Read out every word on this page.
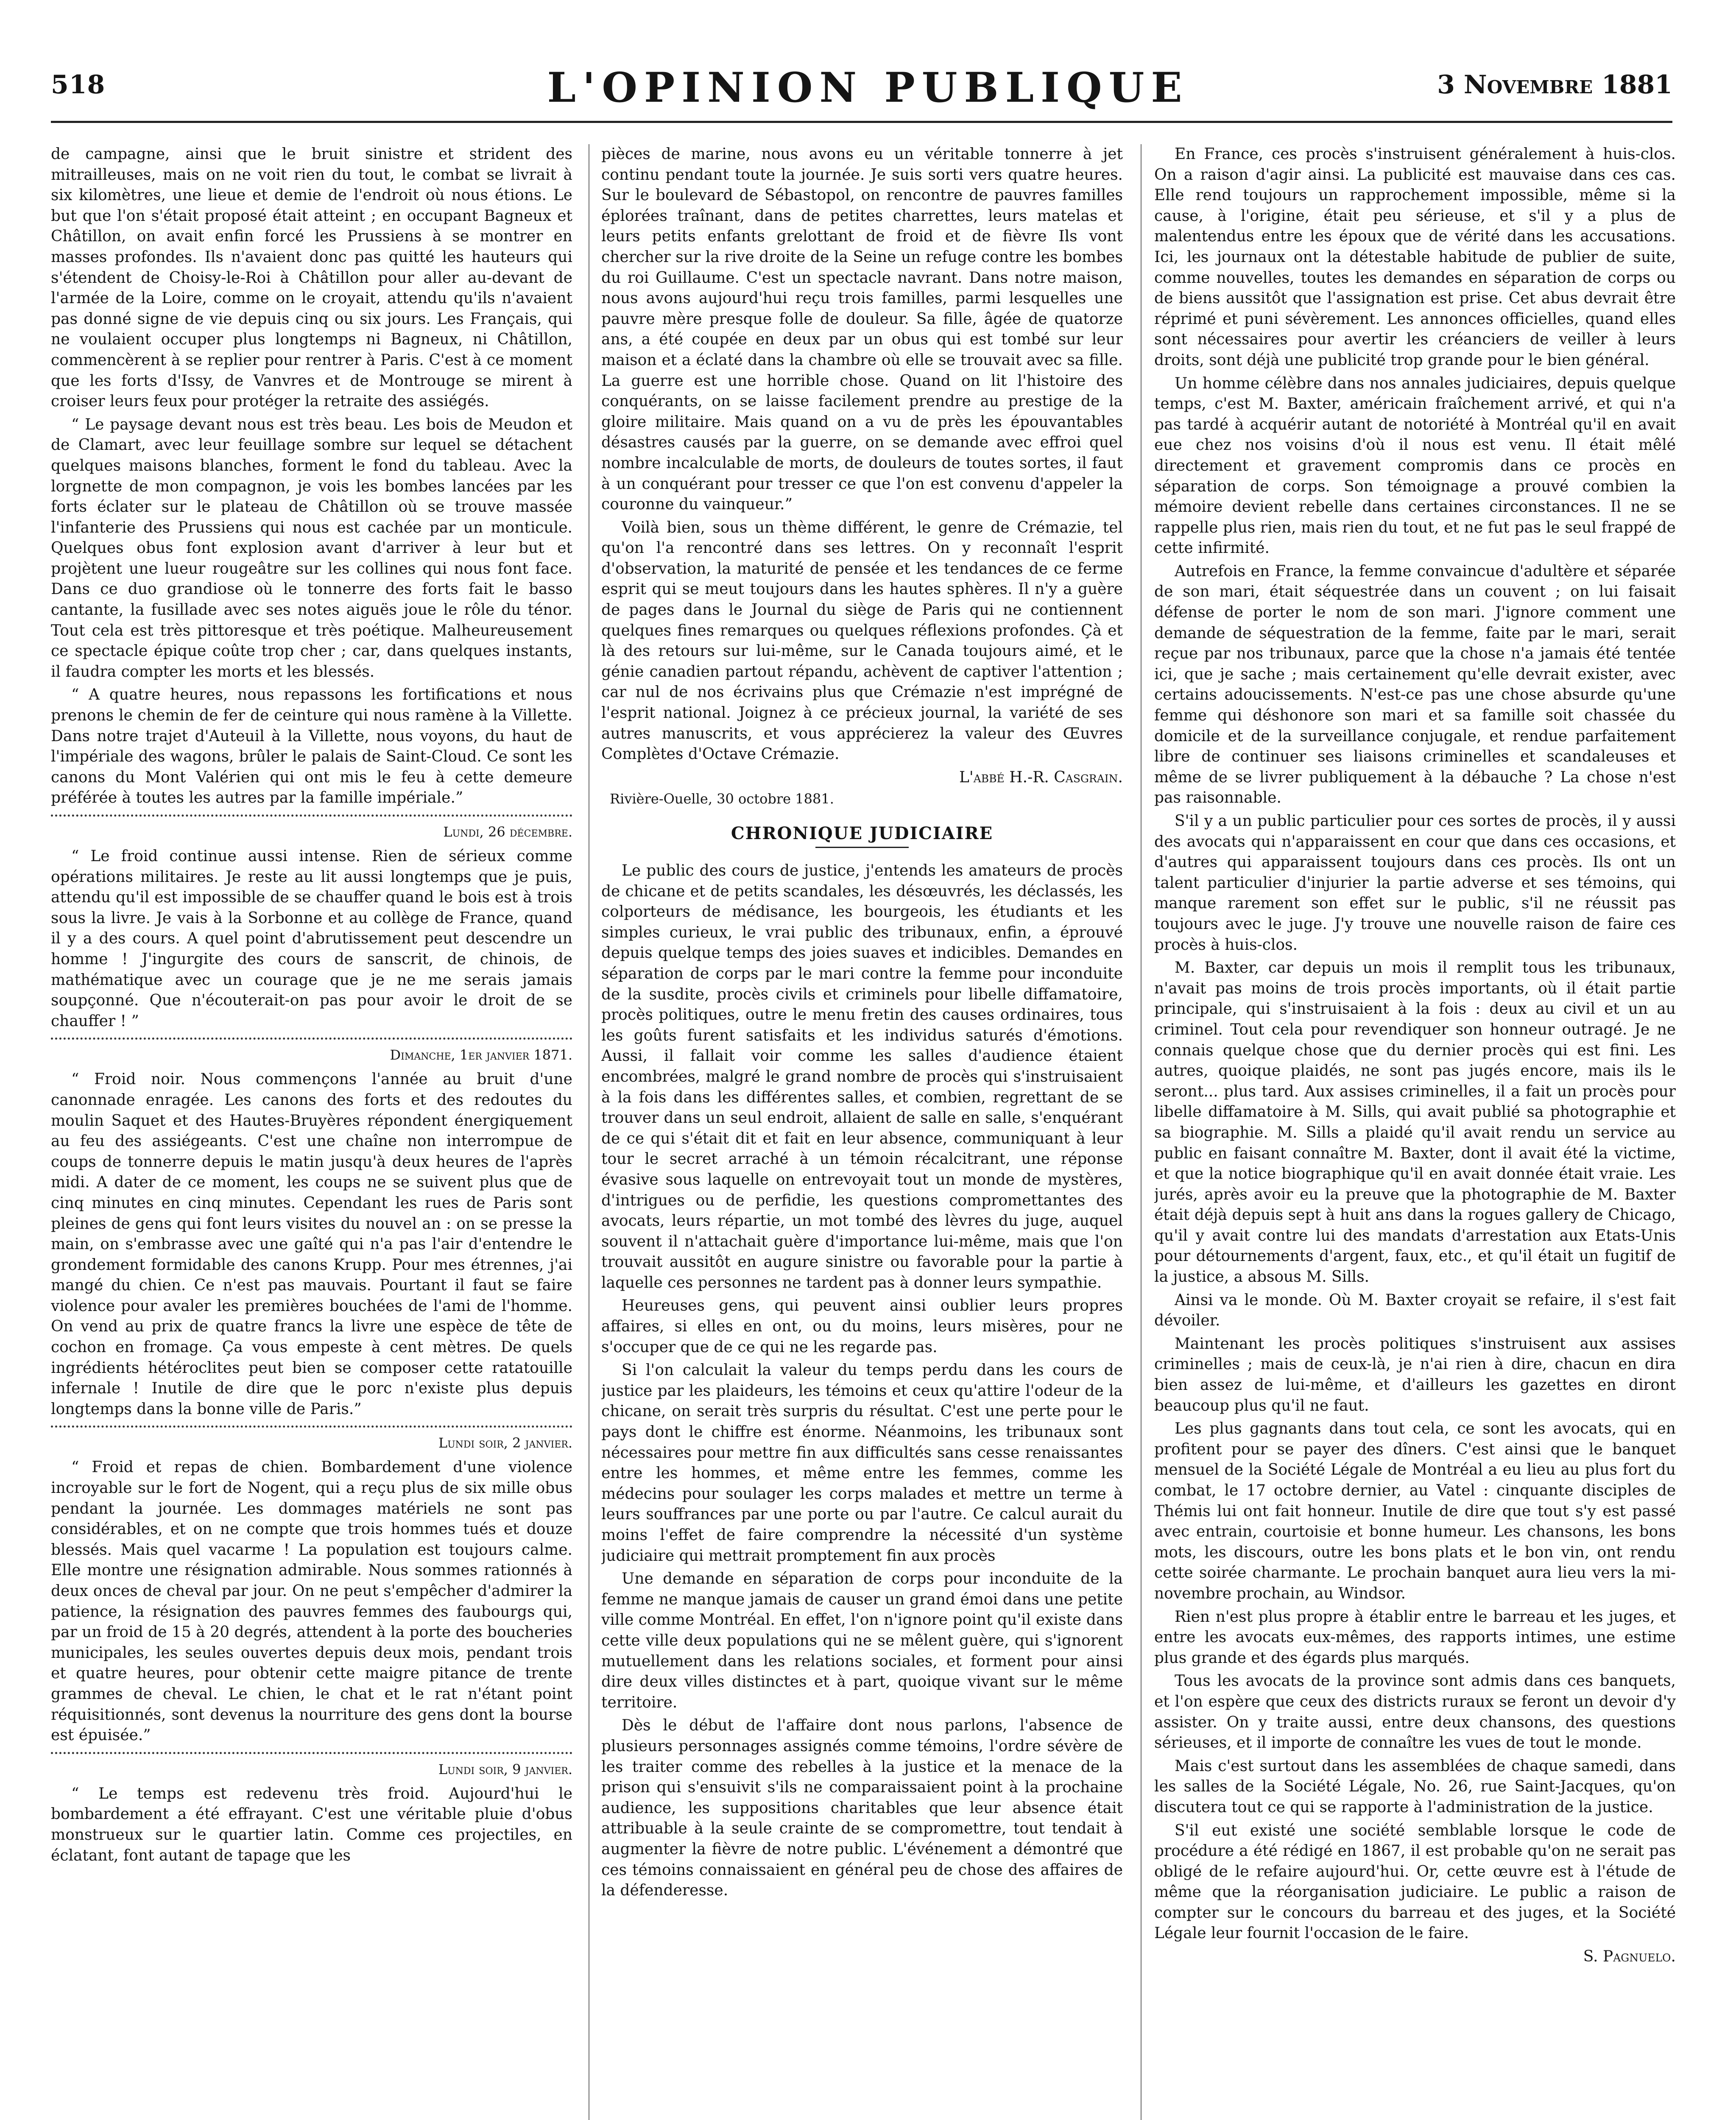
518	L'OPINION PUBLIQUE	3 Novembre 1881

de campagne, ainsi que le bruit sinistre et strident des mitrailleuses, mais on ne voit rien du tout, le combat se livrait à six kilomètres, une lieue et demie de l'endroit où nous étions. Le but que l'on s'était proposé était atteint ; en occupant Bagneux et Châtillon, on avait enfin forcé les Prussiens à se montrer en masses profondes. Ils n'avaient donc pas quitté les hauteurs qui s'étendent de Choisy-le-Roi à Châtillon pour aller au-devant de l'armée de la Loire, comme on le croyait, attendu qu'ils n'avaient pas donné signe de vie depuis cinq ou six jours. Les Français, qui ne voulaient occuper plus longtemps ni Bagneux, ni Châtillon, commencèrent à se replier pour rentrer à Paris. C'est à ce moment que les forts d'Issy, de Vanvres et de Montrouge se mirent à croiser leurs feux pour protéger la retraite des assiégés.

“ Le paysage devant nous est très beau. Les bois de Meudon et de Clamart, avec leur feuillage sombre sur lequel se détachent quelques maisons blanches, forment le fond du tableau. Avec la lorgnette de mon compagnon, je vois les bombes lancées par les forts éclater sur le plateau de Châtillon où se trouve massée l'infanterie des Prussiens qui nous est cachée par un monticule. Quelques obus font explosion avant d'arriver à leur but et projètent une lueur rougeâtre sur les collines qui nous font face. Dans ce duo grandiose où le tonnerre des forts fait le basso cantante, la fusillade avec ses notes aiguës joue le rôle du ténor. Tout cela est très pittoresque et très poétique. Malheureusement ce spectacle épique coûte trop cher ; car, dans quelques instants, il faudra compter les morts et les blessés.

“ A quatre heures, nous repassons les fortifications et nous prenons le chemin de fer de ceinture qui nous ramène à la Villette. Dans notre trajet d'Auteuil à la Villette, nous voyons, du haut de l'impériale des wagons, brûler le palais de Saint-Cloud. Ce sont les canons du Mont Valérien qui ont mis le feu à cette demeure préférée à toutes les autres par la famille impériale.”

Lundi, 26 décembre.

“ Le froid continue aussi intense. Rien de sérieux comme opérations militaires. Je reste au lit aussi longtemps que je puis, attendu qu'il est impossible de se chauffer quand le bois est à trois sous la livre. Je vais à la Sorbonne et au collège de France, quand il y a des cours. A quel point d'abrutissement peut descendre un homme ! J'ingurgite des cours de sanscrit, de chinois, de mathématique avec un courage que je ne me serais jamais soupçonné. Que n'écouterait-on pas pour avoir le droit de se chauffer ! ”

Dimanche, 1er janvier 1871.

“ Froid noir. Nous commençons l'année au bruit d'une canonnade enragée. Les canons des forts et des redoutes du moulin Saquet et des Hautes-Bruyères répondent énergiquement au feu des assiégeants. C'est une chaîne non interrompue de coups de tonnerre depuis le matin jusqu'à deux heures de l'après midi. A dater de ce moment, les coups ne se suivent plus que de cinq minutes en cinq minutes. Cependant les rues de Paris sont pleines de gens qui font leurs visites du nouvel an : on se presse la main, on s'embrasse avec une gaîté qui n'a pas l'air d'entendre le grondement formidable des canons Krupp. Pour mes étrennes, j'ai mangé du chien. Ce n'est pas mauvais. Pourtant il faut se faire violence pour avaler les premières bouchées de l'ami de l'homme. On vend au prix de quatre francs la livre une espèce de tête de cochon en fromage. Ça vous empeste à cent mètres. De quels ingrédients hétéroclites peut bien se composer cette ratatouille infernale ! Inutile de dire que le porc n'existe plus depuis longtemps dans la bonne ville de Paris.”

Lundi soir, 2 janvier.

“ Froid et repas de chien. Bombardement d'une violence incroyable sur le fort de Nogent, qui a reçu plus de six mille obus pendant la journée. Les dommages matériels ne sont pas considérables, et on ne compte que trois hommes tués et douze blessés. Mais quel vacarme ! La population est toujours calme. Elle montre une résignation admirable. Nous sommes rationnés à deux onces de cheval par jour. On ne peut s'empêcher d'admirer la patience, la résignation des pauvres femmes des faubourgs qui, par un froid de 15 à 20 degrés, attendent à la porte des boucheries municipales, les seules ouvertes depuis deux mois, pendant trois et quatre heures, pour obtenir cette maigre pitance de trente grammes de cheval. Le chien, le chat et le rat n'étant point réquisitionnés, sont devenus la nourriture des gens dont la bourse est épuisée.”

Lundi soir, 9 janvier.

“ Le temps est redevenu très froid. Aujourd'hui le bombardement a été effrayant. C'est une véritable pluie d'obus monstrueux sur le quartier latin. Comme ces projectiles, en éclatant, font autant de tapage que les

pièces de marine, nous avons eu un véritable tonnerre à jet continu pendant toute la journée. Je suis sorti vers quatre heures. Sur le boulevard de Sébastopol, on rencontre de pauvres familles éplorées traînant, dans de petites charrettes, leurs matelas et leurs petits enfants grelottant de froid et de fièvre Ils vont chercher sur la rive droite de la Seine un refuge contre les bombes du roi Guillaume. C'est un spectacle navrant. Dans notre maison, nous avons aujourd'hui reçu trois familles, parmi lesquelles une pauvre mère presque folle de douleur. Sa fille, âgée de quatorze ans, a été coupée en deux par un obus qui est tombé sur leur maison et a éclaté dans la chambre où elle se trouvait avec sa fille. La guerre est une horrible chose. Quand on lit l'histoire des conquérants, on se laisse facilement prendre au prestige de la gloire militaire. Mais quand on a vu de près les épouvantables désastres causés par la guerre, on se demande avec effroi quel nombre incalculable de morts, de douleurs de toutes sortes, il faut à un conquérant pour tresser ce que l'on est convenu d'appeler la couronne du vainqueur.”

Voilà bien, sous un thème différent, le genre de Crémazie, tel qu'on l'a rencontré dans ses lettres. On y reconnaît l'esprit d'observation, la maturité de pensée et les tendances de ce ferme esprit qui se meut toujours dans les hautes sphères. Il n'y a guère de pages dans le Journal du siège de Paris qui ne contiennent quelques fines remarques ou quelques réflexions profondes. Çà et là des retours sur lui-même, sur le Canada toujours aimé, et le génie canadien partout répandu, achèvent de captiver l'attention ; car nul de nos écrivains plus que Crémazie n'est imprégné de l'esprit national. Joignez à ce précieux journal, la variété de ses autres manuscrits, et vous apprécierez la valeur des Œuvres Complètes d'Octave Crémazie.

L'abbé H.-R. Casgrain.
Rivière-Ouelle, 30 octobre 1881.
CHRONIQUE JUDICIAIRE

Le public des cours de justice, j'entends les amateurs de procès de chicane et de petits scandales, les désœuvrés, les déclassés, les colporteurs de médisance, les bourgeois, les étudiants et les simples curieux, le vrai public des tribunaux, enfin, a éprouvé depuis quelque temps des joies suaves et indicibles. Demandes en séparation de corps par le mari contre la femme pour inconduite de la susdite, procès civils et criminels pour libelle diffamatoire, procès politiques, outre le menu fretin des causes ordinaires, tous les goûts furent satisfaits et les individus saturés d'émotions. Aussi, il fallait voir comme les salles d'audience étaient encombrées, malgré le grand nombre de procès qui s'instruisaient à la fois dans les différentes salles, et combien, regrettant de se trouver dans un seul endroit, allaient de salle en salle, s'enquérant de ce qui s'était dit et fait en leur absence, communiquant à leur tour le secret arraché à un témoin récalcitrant, une réponse évasive sous laquelle on entrevoyait tout un monde de mystères, d'intrigues ou de perfidie, les questions compromettantes des avocats, leurs répartie, un mot tombé des lèvres du juge, auquel souvent il n'attachait guère d'importance lui-même, mais que l'on trouvait aussitôt en augure sinistre ou favorable pour la partie à laquelle ces personnes ne tardent pas à donner leurs sympathie.

Heureuses gens, qui peuvent ainsi oublier leurs propres affaires, si elles en ont, ou du moins, leurs misères, pour ne s'occuper que de ce qui ne les regarde pas.

Si l'on calculait la valeur du temps perdu dans les cours de justice par les plaideurs, les témoins et ceux qu'attire l'odeur de la chicane, on serait très surpris du résultat. C'est une perte pour le pays dont le chiffre est énorme. Néanmoins, les tribunaux sont nécessaires pour mettre fin aux difficultés sans cesse renaissantes entre les hommes, et même entre les femmes, comme les médecins pour soulager les corps malades et mettre un terme à leurs souffrances par une porte ou par l'autre. Ce calcul aurait du moins l'effet de faire comprendre la nécessité d'un système judiciaire qui mettrait promptement fin aux procès

Une demande en séparation de corps pour inconduite de la femme ne manque jamais de causer un grand émoi dans une petite ville comme Montréal. En effet, l'on n'ignore point qu'il existe dans cette ville deux populations qui ne se mêlent guère, qui s'ignorent mutuellement dans les relations sociales, et forment pour ainsi dire deux villes distinctes et à part, quoique vivant sur le même territoire.

Dès le début de l'affaire dont nous parlons, l'absence de plusieurs personnages assignés comme témoins, l'ordre sévère de les traiter comme des rebelles à la justice et la menace de la prison qui s'ensuivit s'ils ne comparaissaient point à la prochaine audience, les suppositions charitables que leur absence était attribuable à la seule crainte de se compromettre, tout tendait à augmenter la fièvre de notre public. L'événement a démontré que ces témoins connaissaient en général peu de chose des affaires de la défenderesse.

En France, ces procès s'instruisent généralement à huis-clos. On a raison d'agir ainsi. La publicité est mauvaise dans ces cas. Elle rend toujours un rapprochement impossible, même si la cause, à l'origine, était peu sérieuse, et s'il y a plus de malentendus entre les époux que de vérité dans les accusations. Ici, les journaux ont la détestable habitude de publier de suite, comme nouvelles, toutes les demandes en séparation de corps ou de biens aussitôt que l'assignation est prise. Cet abus devrait être réprimé et puni sévèrement. Les annonces officielles, quand elles sont nécessaires pour avertir les créanciers de veiller à leurs droits, sont déjà une publicité trop grande pour le bien général.

Un homme célèbre dans nos annales judiciaires, depuis quelque temps, c'est M. Baxter, américain fraîchement arrivé, et qui n'a pas tardé à acquérir autant de notoriété à Montréal qu'il en avait eue chez nos voisins d'où il nous est venu. Il était mêlé directement et gravement compromis dans ce procès en séparation de corps. Son témoignage a prouvé combien la mémoire devient rebelle dans certaines circonstances. Il ne se rappelle plus rien, mais rien du tout, et ne fut pas le seul frappé de cette infirmité.

Autrefois en France, la femme convaincue d'adultère et séparée de son mari, était séquestrée dans un couvent ; on lui faisait défense de porter le nom de son mari. J'ignore comment une demande de séquestration de la femme, faite par le mari, serait reçue par nos tribunaux, parce que la chose n'a jamais été tentée ici, que je sache ; mais certainement qu'elle devrait exister, avec certains adoucissements. N'est-ce pas une chose absurde qu'une femme qui déshonore son mari et sa famille soit chassée du domicile et de la surveillance conjugale, et rendue parfaitement libre de continuer ses liaisons criminelles et scandaleuses et même de se livrer publiquement à la débauche ? La chose n'est pas raisonnable.

S'il y a un public particulier pour ces sortes de procès, il y aussi des avocats qui n'apparaissent en cour que dans ces occasions, et d'autres qui apparaissent toujours dans ces procès. Ils ont un talent particulier d'injurier la partie adverse et ses témoins, qui manque rarement son effet sur le public, s'il ne réussit pas toujours avec le juge. J'y trouve une nouvelle raison de faire ces procès à huis-clos.

M. Baxter, car depuis un mois il remplit tous les tribunaux, n'avait pas moins de trois procès importants, où il était partie principale, qui s'instruisaient à la fois : deux au civil et un au criminel. Tout cela pour revendiquer son honneur outragé. Je ne connais quelque chose que du dernier procès qui est fini. Les autres, quoique plaidés, ne sont pas jugés encore, mais ils le seront... plus tard. Aux assises criminelles, il a fait un procès pour libelle diffamatoire à M. Sills, qui avait publié sa photographie et sa biographie. M. Sills a plaidé qu'il avait rendu un service au public en faisant connaître M. Baxter, dont il avait été la victime, et que la notice biographique qu'il en avait donnée était vraie. Les jurés, après avoir eu la preuve que la photographie de M. Baxter était déjà depuis sept à huit ans dans la rogues gallery de Chicago, qu'il y avait contre lui des mandats d'arrestation aux Etats-Unis pour détournements d'argent, faux, etc., et qu'il était un fugitif de la justice, a absous M. Sills.

Ainsi va le monde. Où M. Baxter croyait se refaire, il s'est fait dévoiler.

Maintenant les procès politiques s'instruisent aux assises criminelles ; mais de ceux-là, je n'ai rien à dire, chacun en dira bien assez de lui-même, et d'ailleurs les gazettes en diront beaucoup plus qu'il ne faut.

Les plus gagnants dans tout cela, ce sont les avocats, qui en profitent pour se payer des dîners. C'est ainsi que le banquet mensuel de la Société Légale de Montréal a eu lieu au plus fort du combat, le 17 octobre dernier, au Vatel : cinquante disciples de Thémis lui ont fait honneur. Inutile de dire que tout s'y est passé avec entrain, courtoisie et bonne humeur. Les chansons, les bons mots, les discours, outre les bons plats et le bon vin, ont rendu cette soirée charmante. Le prochain banquet aura lieu vers la mi-novembre prochain, au Windsor.

Rien n'est plus propre à établir entre le barreau et les juges, et entre les avocats eux-mêmes, des rapports intimes, une estime plus grande et des égards plus marqués.

Tous les avocats de la province sont admis dans ces banquets, et l'on espère que ceux des districts ruraux se feront un devoir d'y assister. On y traite aussi, entre deux chansons, des questions sérieuses, et il importe de connaître les vues de tout le monde.

Mais c'est surtout dans les assemblées de chaque samedi, dans les salles de la Société Légale, No. 26, rue Saint-Jacques, qu'on discutera tout ce qui se rapporte à l'administration de la justice.

S'il eut existé une société semblable lorsque le code de procédure a été rédigé en 1867, il est probable qu'on ne serait pas obligé de le refaire aujourd'hui. Or, cette œuvre est à l'étude de même que la réorganisation judiciaire. Le public a raison de compter sur le concours du barreau et des juges, et la Société Légale leur fournit l'occasion de le faire.

S. Pagnuelo.
